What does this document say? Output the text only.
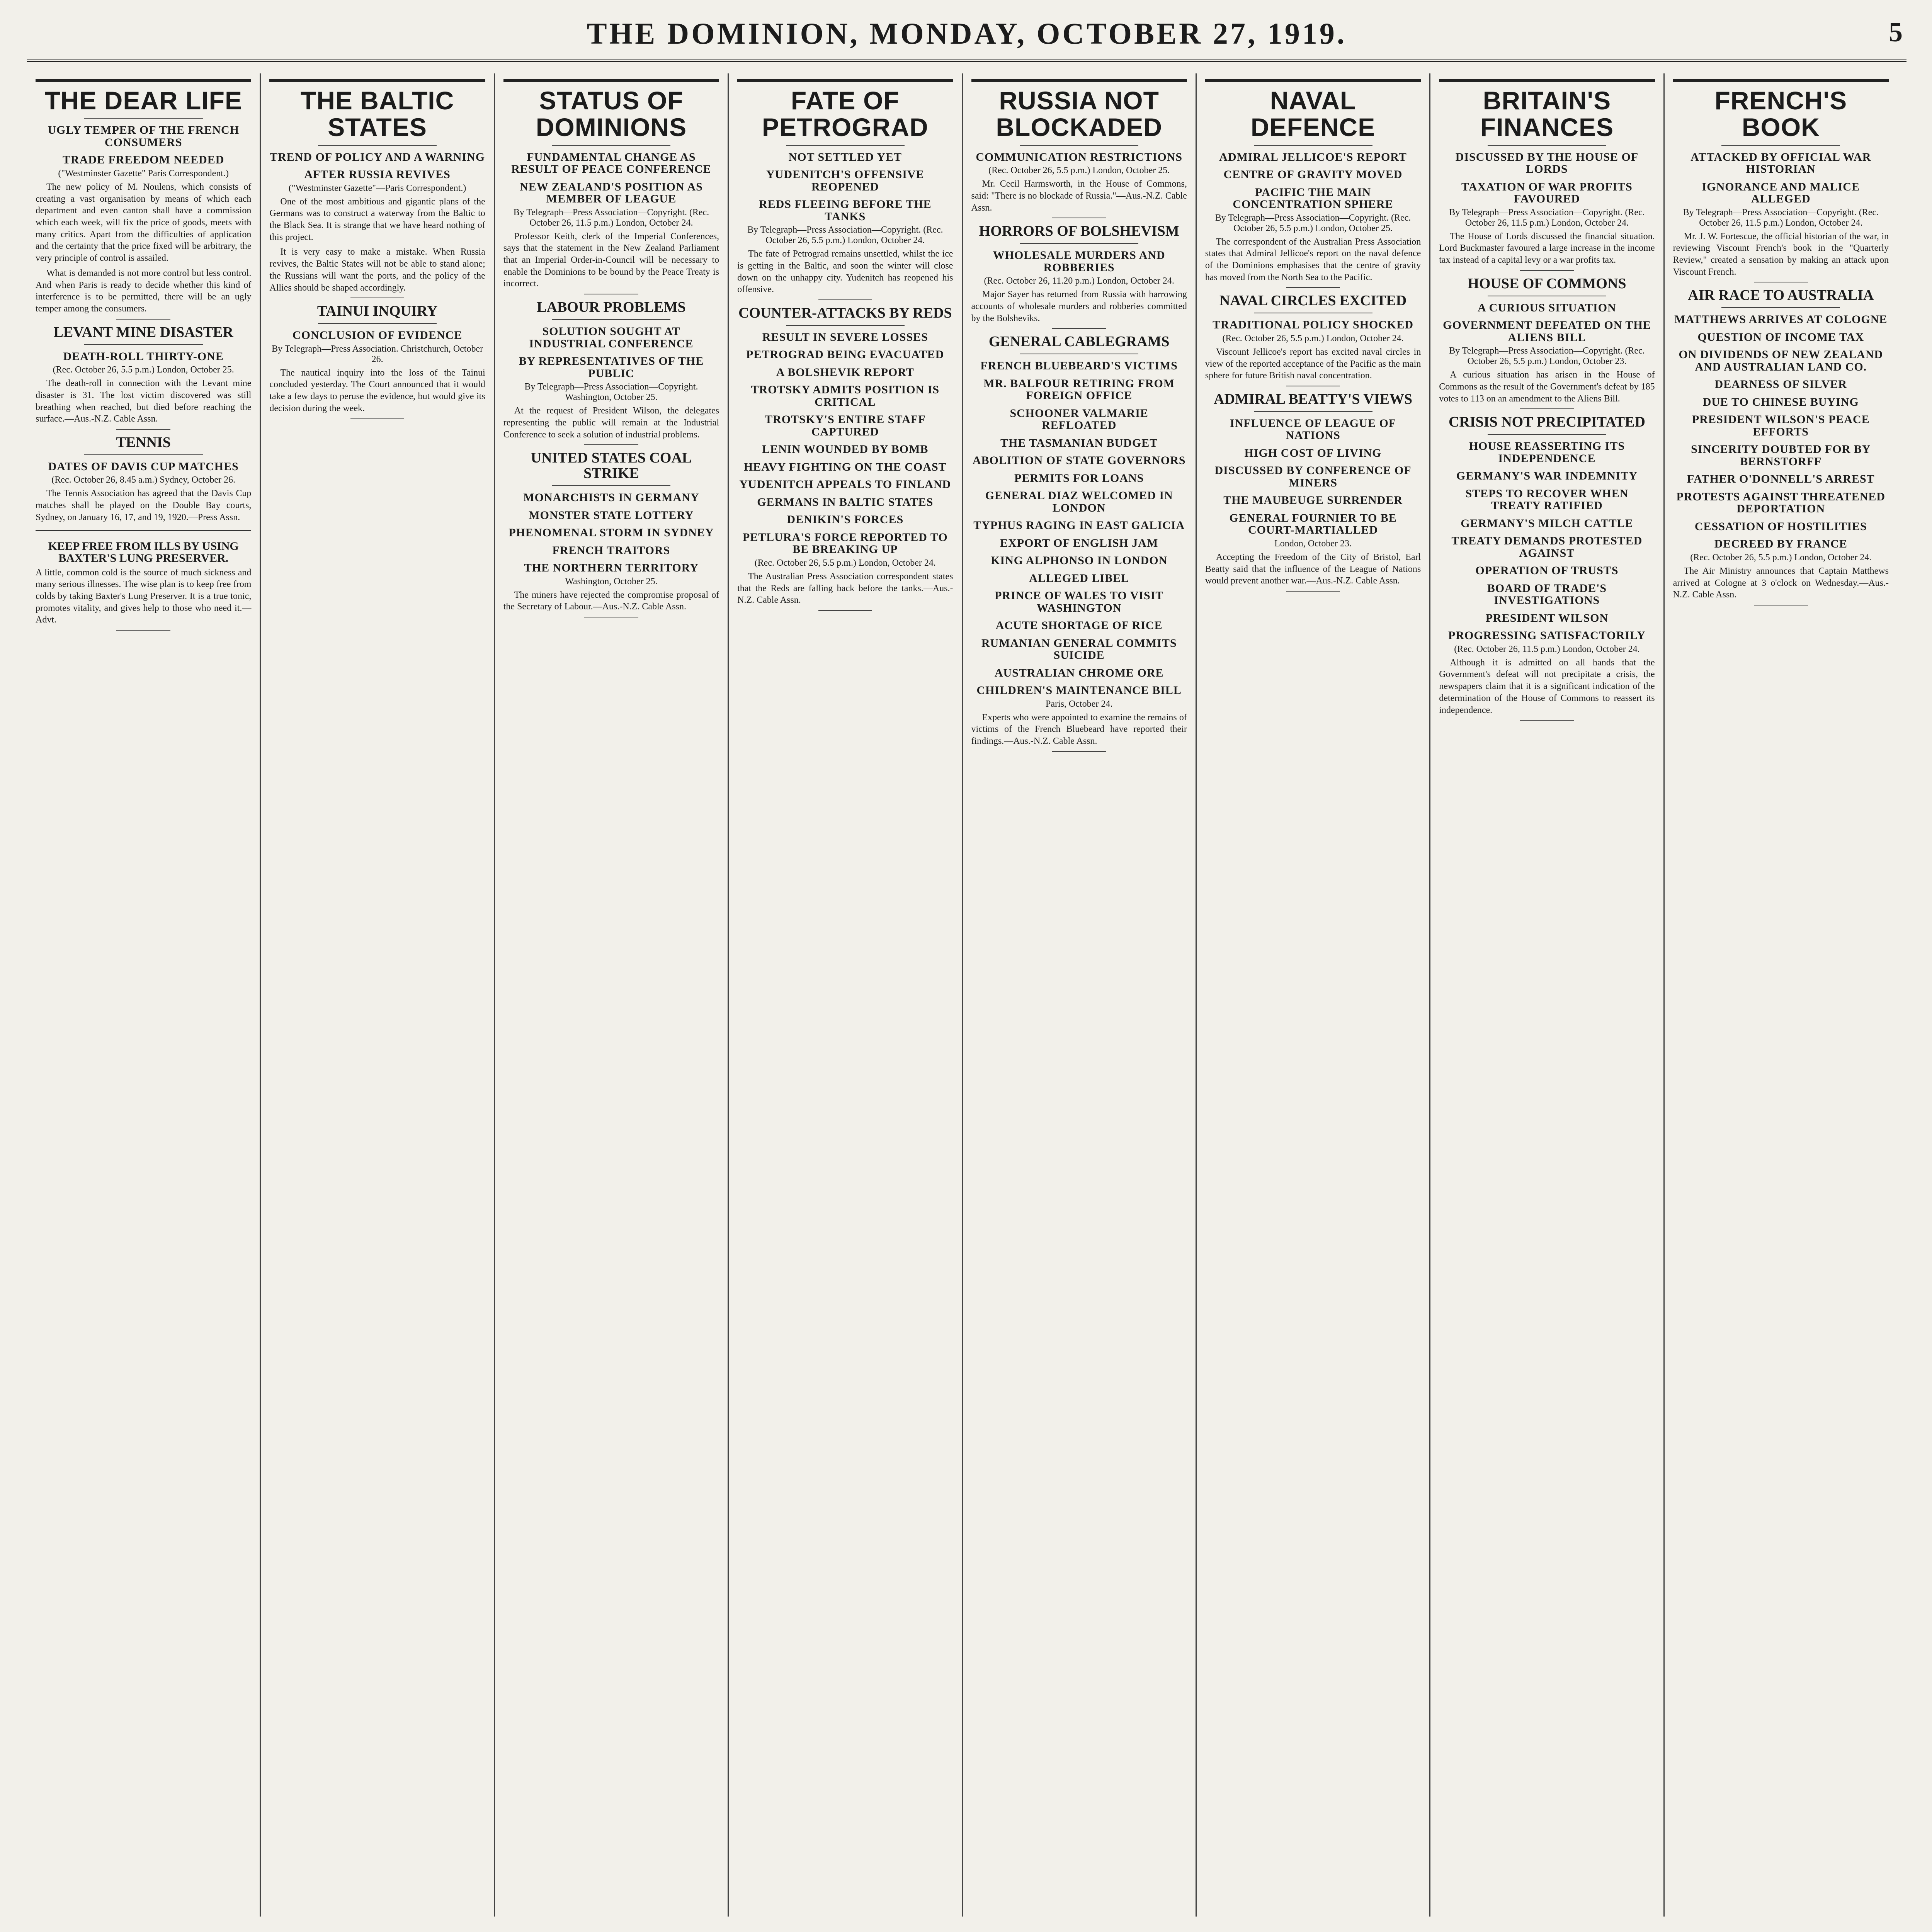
THE DOMINION, MONDAY, OCTOBER 27, 1919.	5
THE DEAR LIFE
UGLY TEMPER OF THE FRENCH CONSUMERS
TRADE FREEDOM NEEDED
("Westminster Gazette" Paris Correspondent.)

The new policy of M. Noulens, which consists of creating a vast organisation by means of which each department and even canton shall have a commission which each week, will fix the price of goods, meets with many critics. Apart from the difficulties of application and the certainty that the price fixed will be arbitrary, the very principle of control is assailed.

What is demanded is not more control but less control. And when Paris is ready to decide whether this kind of interference is to be permitted, there will be an ugly temper among the consumers.

LEVANT MINE DISASTER
DEATH-ROLL THIRTY-ONE
(Rec. October 26, 5.5 p.m.) London, October 25.

The death-roll in connection with the Levant mine disaster is 31. The lost victim discovered was still breathing when reached, but died before reaching the surface.—Aus.-N.Z. Cable Assn.

TENNIS
DATES OF DAVIS CUP MATCHES
(Rec. October 26, 8.45 a.m.) Sydney, October 26.

The Tennis Association has agreed that the Davis Cup matches shall be played on the Double Bay courts, Sydney, on January 16, 17, and 19, 1920.—Press Assn.

KEEP FREE FROM ILLS BY USING BAXTER'S LUNG PRESERVER.

A little, common cold is the source of much sickness and many serious illnesses. The wise plan is to keep free from colds by taking Baxter's Lung Preserver. It is a true tonic, promotes vitality, and gives help to those who need it.—Advt.

THE BALTIC STATES
TREND OF POLICY AND A WARNING
AFTER RUSSIA REVIVES
("Westminster Gazette"—Paris Correspondent.)

One of the most ambitious and gigantic plans of the Germans was to construct a waterway from the Baltic to the Black Sea. It is strange that we have heard nothing of this project.

It is very easy to make a mistake. When Russia revives, the Baltic States will not be able to stand alone; the Russians will want the ports, and the policy of the Allies should be shaped accordingly.

TAINUI INQUIRY
CONCLUSION OF EVIDENCE
By Telegraph—Press Association. Christchurch, October 26.

The nautical inquiry into the loss of the Tainui concluded yesterday. The Court announced that it would take a few days to peruse the evidence, but would give its decision during the week.

STATUS OF DOMINIONS
FUNDAMENTAL CHANGE AS RESULT OF PEACE CONFERENCE
NEW ZEALAND'S POSITION AS MEMBER OF LEAGUE
By Telegraph—Press Association—Copyright. (Rec. October 26, 11.5 p.m.) London, October 24.

Professor Keith, clerk of the Imperial Conferences, says that the statement in the New Zealand Parliament that an Imperial Order-in-Council will be necessary to enable the Dominions to be bound by the Peace Treaty is incorrect.

LABOUR PROBLEMS
SOLUTION SOUGHT AT INDUSTRIAL CONFERENCE
BY REPRESENTATIVES OF THE PUBLIC
By Telegraph—Press Association—Copyright. Washington, October 25.

At the request of President Wilson, the delegates representing the public will remain at the Industrial Conference to seek a solution of industrial problems.

UNITED STATES COAL STRIKE
MONARCHISTS IN GERMANY
MONSTER STATE LOTTERY
PHENOMENAL STORM IN SYDNEY
FRENCH TRAITORS
THE NORTHERN TERRITORY
Washington, October 25.

The miners have rejected the compromise proposal of the Secretary of Labour.—Aus.-N.Z. Cable Assn.

FATE OF PETROGRAD
NOT SETTLED YET
YUDENITCH'S OFFENSIVE REOPENED
REDS FLEEING BEFORE THE TANKS
By Telegraph—Press Association—Copyright. (Rec. October 26, 5.5 p.m.) London, October 24.

The fate of Petrograd remains unsettled, whilst the ice is getting in the Baltic, and soon the winter will close down on the unhappy city. Yudenitch has reopened his offensive.

COUNTER-ATTACKS BY REDS
RESULT IN SEVERE LOSSES
PETROGRAD BEING EVACUATED
A BOLSHEVIK REPORT
TROTSKY ADMITS POSITION IS CRITICAL
TROTSKY'S ENTIRE STAFF CAPTURED
LENIN WOUNDED BY BOMB
HEAVY FIGHTING ON THE COAST
YUDENITCH APPEALS TO FINLAND
GERMANS IN BALTIC STATES
DENIKIN'S FORCES
PETLURA'S FORCE REPORTED TO BE BREAKING UP
(Rec. October 26, 5.5 p.m.) London, October 24.

The Australian Press Association correspondent states that the Reds are falling back before the tanks.—Aus.-N.Z. Cable Assn.

RUSSIA NOT BLOCKADED
COMMUNICATION RESTRICTIONS
(Rec. October 26, 5.5 p.m.) London, October 25.

Mr. Cecil Harmsworth, in the House of Commons, said: "There is no blockade of Russia."—Aus.-N.Z. Cable Assn.

HORRORS OF BOLSHEVISM
WHOLESALE MURDERS AND ROBBERIES
(Rec. October 26, 11.20 p.m.) London, October 24.

Major Sayer has returned from Russia with harrowing accounts of wholesale murders and robberies committed by the Bolsheviks.

GENERAL CABLEGRAMS
FRENCH BLUEBEARD'S VICTIMS
MR. BALFOUR RETIRING FROM FOREIGN OFFICE
SCHOONER VALMARIE REFLOATED
THE TASMANIAN BUDGET
ABOLITION OF STATE GOVERNORS
PERMITS FOR LOANS
GENERAL DIAZ WELCOMED IN LONDON
TYPHUS RAGING IN EAST GALICIA
EXPORT OF ENGLISH JAM
KING ALPHONSO IN LONDON
ALLEGED LIBEL
PRINCE OF WALES TO VISIT WASHINGTON
ACUTE SHORTAGE OF RICE
RUMANIAN GENERAL COMMITS SUICIDE
AUSTRALIAN CHROME ORE
CHILDREN'S MAINTENANCE BILL
Paris, October 24.

Experts who were appointed to examine the remains of victims of the French Bluebeard have reported their findings.—Aus.-N.Z. Cable Assn.

NAVAL DEFENCE
ADMIRAL JELLICOE'S REPORT
CENTRE OF GRAVITY MOVED
PACIFIC THE MAIN CONCENTRATION SPHERE
By Telegraph—Press Association—Copyright. (Rec. October 26, 5.5 p.m.) London, October 25.

The correspondent of the Australian Press Association states that Admiral Jellicoe's report on the naval defence of the Dominions emphasises that the centre of gravity has moved from the North Sea to the Pacific.

NAVAL CIRCLES EXCITED
TRADITIONAL POLICY SHOCKED
(Rec. October 26, 5.5 p.m.) London, October 24.

Viscount Jellicoe's report has excited naval circles in view of the reported acceptance of the Pacific as the main sphere for future British naval concentration.

ADMIRAL BEATTY'S VIEWS
INFLUENCE OF LEAGUE OF NATIONS
HIGH COST OF LIVING
DISCUSSED BY CONFERENCE OF MINERS
THE MAUBEUGE SURRENDER
GENERAL FOURNIER TO BE COURT-MARTIALLED
London, October 23.

Accepting the Freedom of the City of Bristol, Earl Beatty said that the influence of the League of Nations would prevent another war.—Aus.-N.Z. Cable Assn.

BRITAIN'S FINANCES
DISCUSSED BY THE HOUSE OF LORDS
TAXATION OF WAR PROFITS FAVOURED
By Telegraph—Press Association—Copyright. (Rec. October 26, 11.5 p.m.) London, October 24.

The House of Lords discussed the financial situation. Lord Buckmaster favoured a large increase in the income tax instead of a capital levy or a war profits tax.

HOUSE OF COMMONS
A CURIOUS SITUATION
GOVERNMENT DEFEATED ON THE ALIENS BILL
By Telegraph—Press Association—Copyright. (Rec. October 26, 5.5 p.m.) London, October 23.

A curious situation has arisen in the House of Commons as the result of the Government's defeat by 185 votes to 113 on an amendment to the Aliens Bill.

CRISIS NOT PRECIPITATED
HOUSE REASSERTING ITS INDEPENDENCE
GERMANY'S WAR INDEMNITY
STEPS TO RECOVER WHEN TREATY RATIFIED
GERMANY'S MILCH CATTLE
TREATY DEMANDS PROTESTED AGAINST
OPERATION OF TRUSTS
BOARD OF TRADE'S INVESTIGATIONS
PRESIDENT WILSON
PROGRESSING SATISFACTORILY
(Rec. October 26, 11.5 p.m.) London, October 24.

Although it is admitted on all hands that the Government's defeat will not precipitate a crisis, the newspapers claim that it is a significant indication of the determination of the House of Commons to reassert its independence.

FRENCH'S BOOK
ATTACKED BY OFFICIAL WAR HISTORIAN
IGNORANCE AND MALICE ALLEGED
By Telegraph—Press Association—Copyright. (Rec. October 26, 11.5 p.m.) London, October 24.

Mr. J. W. Fortescue, the official historian of the war, in reviewing Viscount French's book in the "Quarterly Review," created a sensation by making an attack upon Viscount French.

AIR RACE TO AUSTRALIA
MATTHEWS ARRIVES AT COLOGNE
QUESTION OF INCOME TAX
ON DIVIDENDS OF NEW ZEALAND AND AUSTRALIAN LAND CO.
DEARNESS OF SILVER
DUE TO CHINESE BUYING
PRESIDENT WILSON'S PEACE EFFORTS
SINCERITY DOUBTED FOR BY BERNSTORFF
FATHER O'DONNELL'S ARREST
PROTESTS AGAINST THREATENED DEPORTATION
CESSATION OF HOSTILITIES
DECREED BY FRANCE
(Rec. October 26, 5.5 p.m.) London, October 24.

The Air Ministry announces that Captain Matthews arrived at Cologne at 3 o'clock on Wednesday.—Aus.-N.Z. Cable Assn.
